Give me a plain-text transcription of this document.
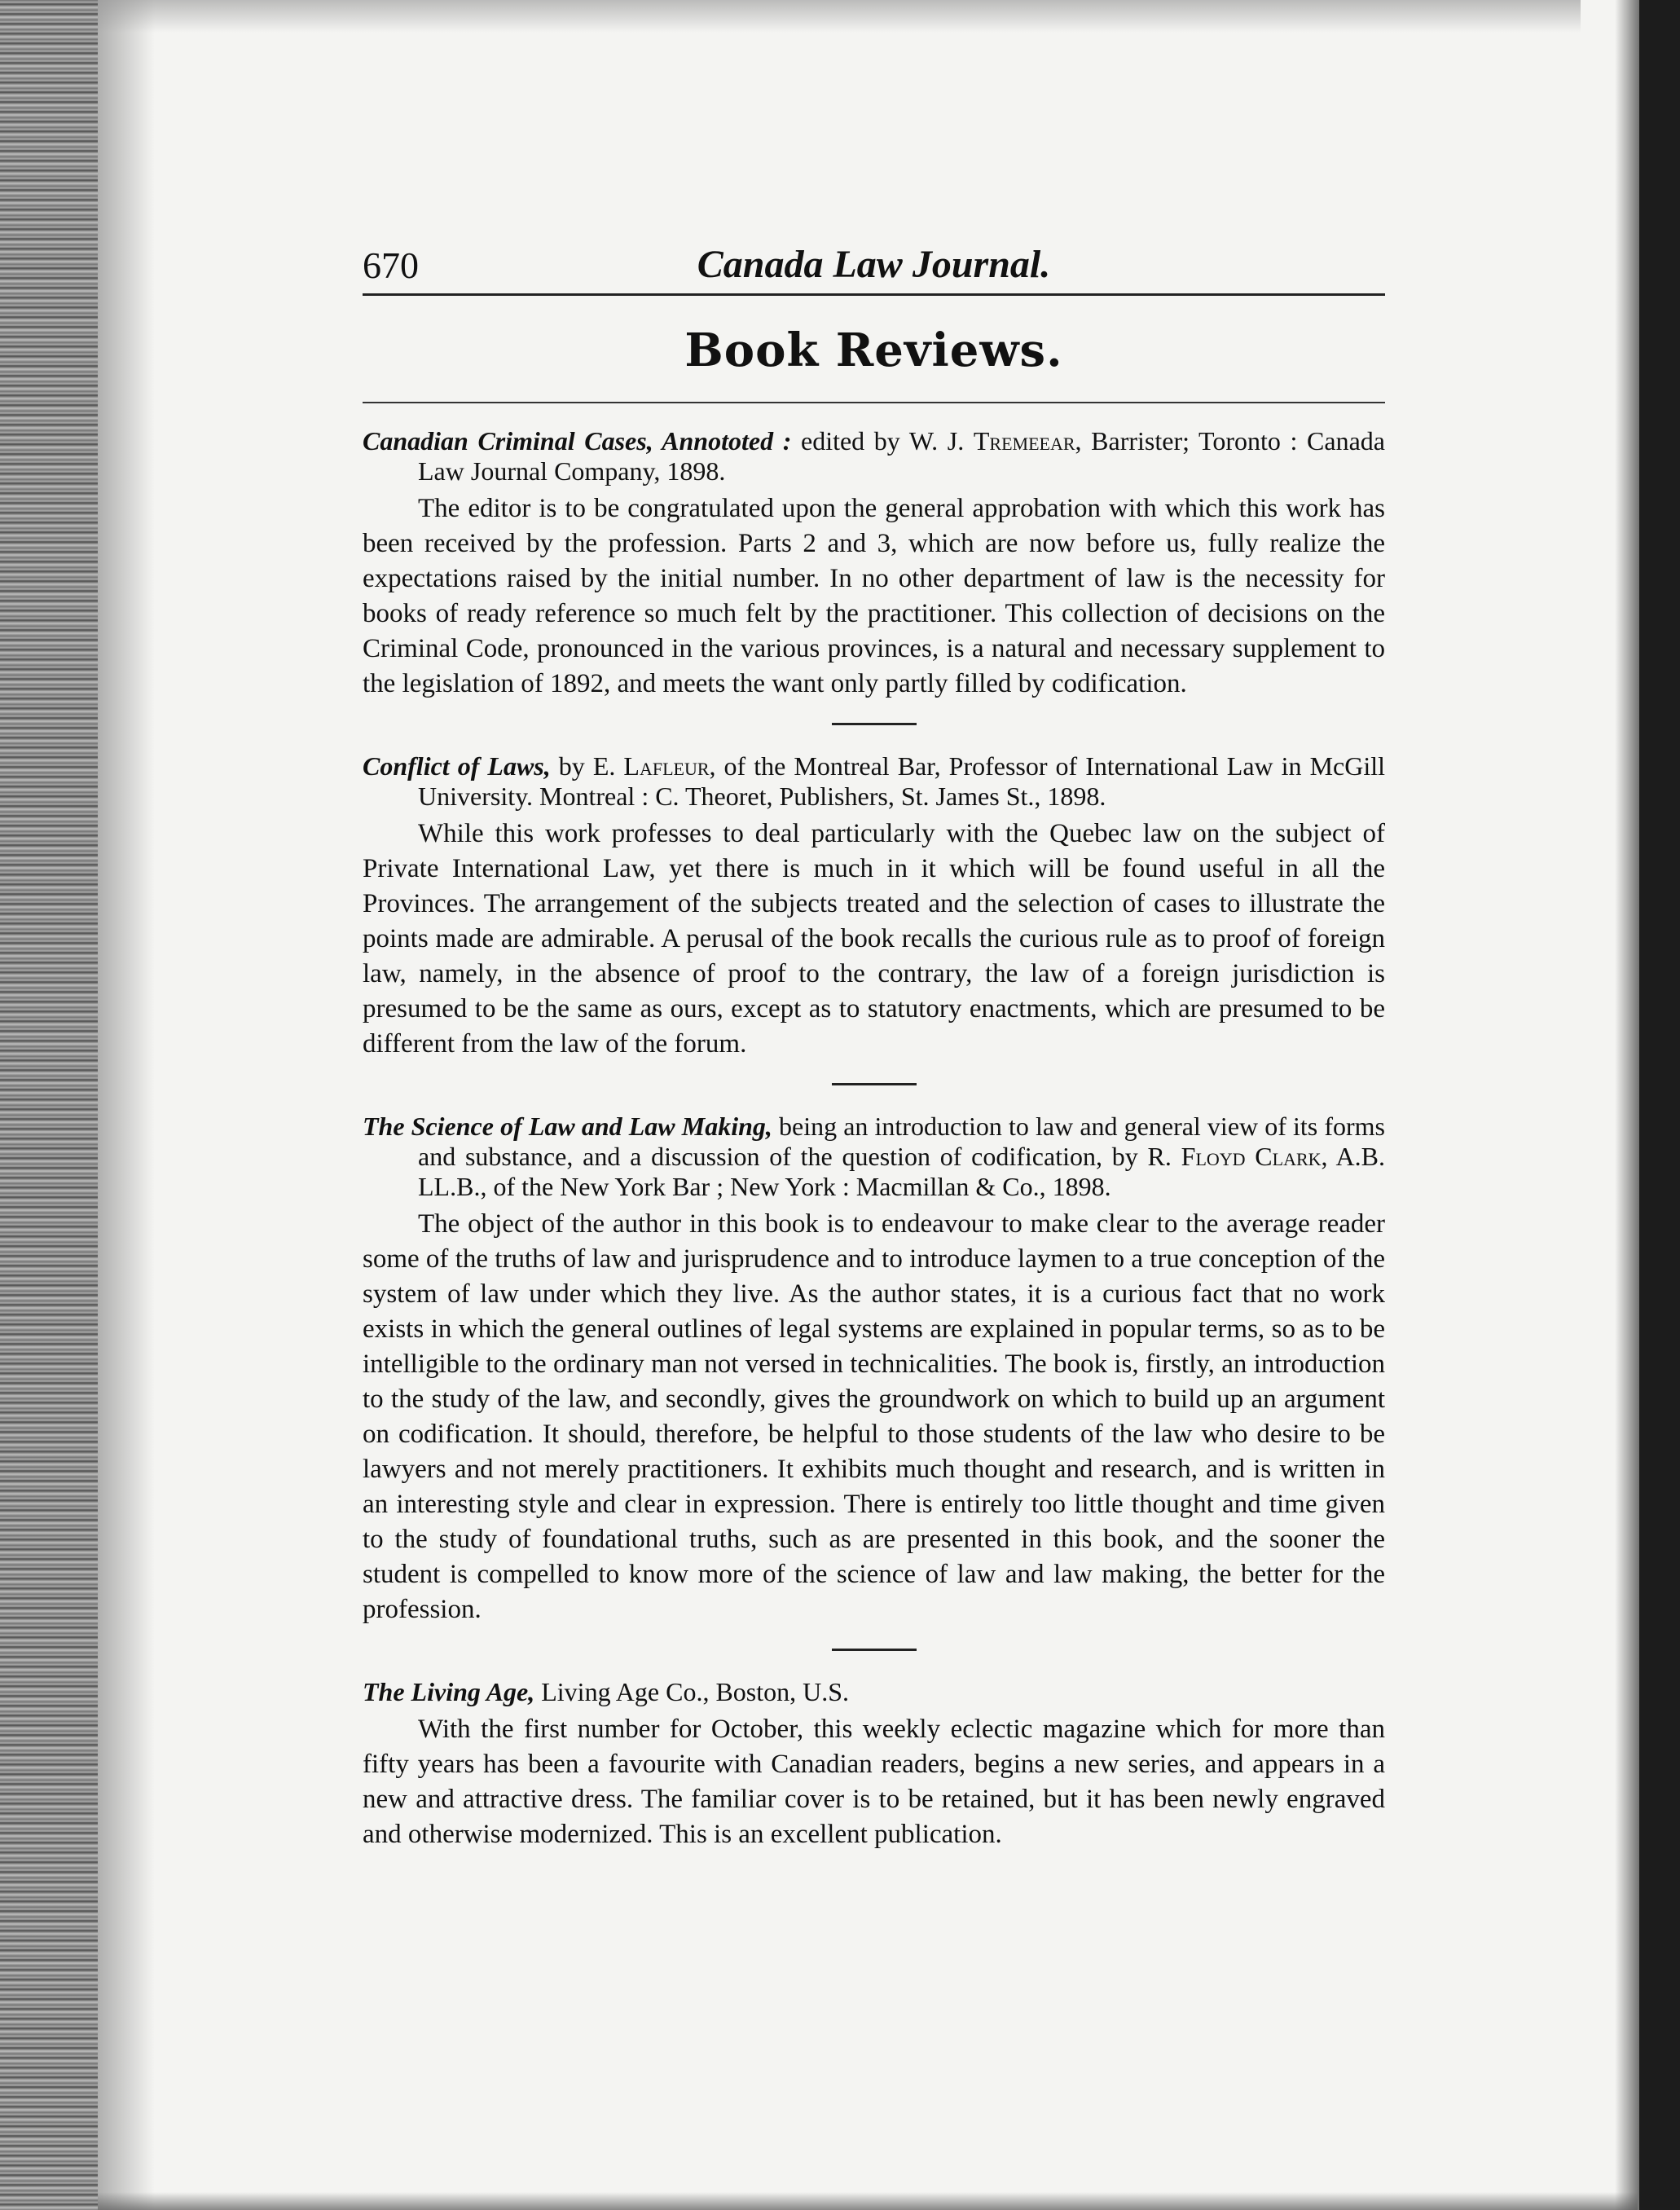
670	Canada Law Journal.
Book Reviews.

Canadian Criminal Cases, Annototed : edited by W. J. Tremeear, Barrister; Toronto : Canada Law Journal Company, 1898.

The editor is to be congratulated upon the general approbation with which this work has been received by the profession. Parts 2 and 3, which are now before us, fully realize the expectations raised by the initial number. In no other department of law is the necessity for books of ready reference so much felt by the practitioner. This collection of decisions on the Criminal Code, pronounced in the various provinces, is a natural and necessary supplement to the legislation of 1892, and meets the want only partly filled by codification.

Conflict of Laws, by E. Lafleur, of the Montreal Bar, Professor of International Law in McGill University. Montreal : C. Theoret, Publishers, St. James St., 1898.

While this work professes to deal particularly with the Quebec law on the subject of Private International Law, yet there is much in it which will be found useful in all the Provinces. The arrangement of the subjects treated and the selection of cases to illustrate the points made are admirable. A perusal of the book recalls the curious rule as to proof of foreign law, namely, in the absence of proof to the contrary, the law of a foreign jurisdiction is presumed to be the same as ours, except as to statutory enactments, which are presumed to be different from the law of the forum.

The Science of Law and Law Making, being an introduction to law and general view of its forms and substance, and a discussion of the question of codification, by R. Floyd Clark, A.B. LL.B., of the New York Bar ; New York : Macmillan & Co., 1898.

The object of the author in this book is to endeavour to make clear to the average reader some of the truths of law and jurisprudence and to introduce laymen to a true conception of the system of law under which they live. As the author states, it is a curious fact that no work exists in which the general outlines of legal systems are explained in popular terms, so as to be intelligible to the ordinary man not versed in technicalities. The book is, firstly, an introduction to the study of the law, and secondly, gives the groundwork on which to build up an argument on codification. It should, therefore, be helpful to those students of the law who desire to be lawyers and not merely practitioners. It exhibits much thought and research, and is written in an interesting style and clear in expression. There is entirely too little thought and time given to the study of foundational truths, such as are presented in this book, and the sooner the student is compelled to know more of the science of law and law making, the better for the profession.

The Living Age, Living Age Co., Boston, U.S.

With the first number for October, this weekly eclectic magazine which for more than fifty years has been a favourite with Canadian readers, begins a new series, and appears in a new and attractive dress. The familiar cover is to be retained, but it has been newly engraved and otherwise modernized. This is an excellent publication.
